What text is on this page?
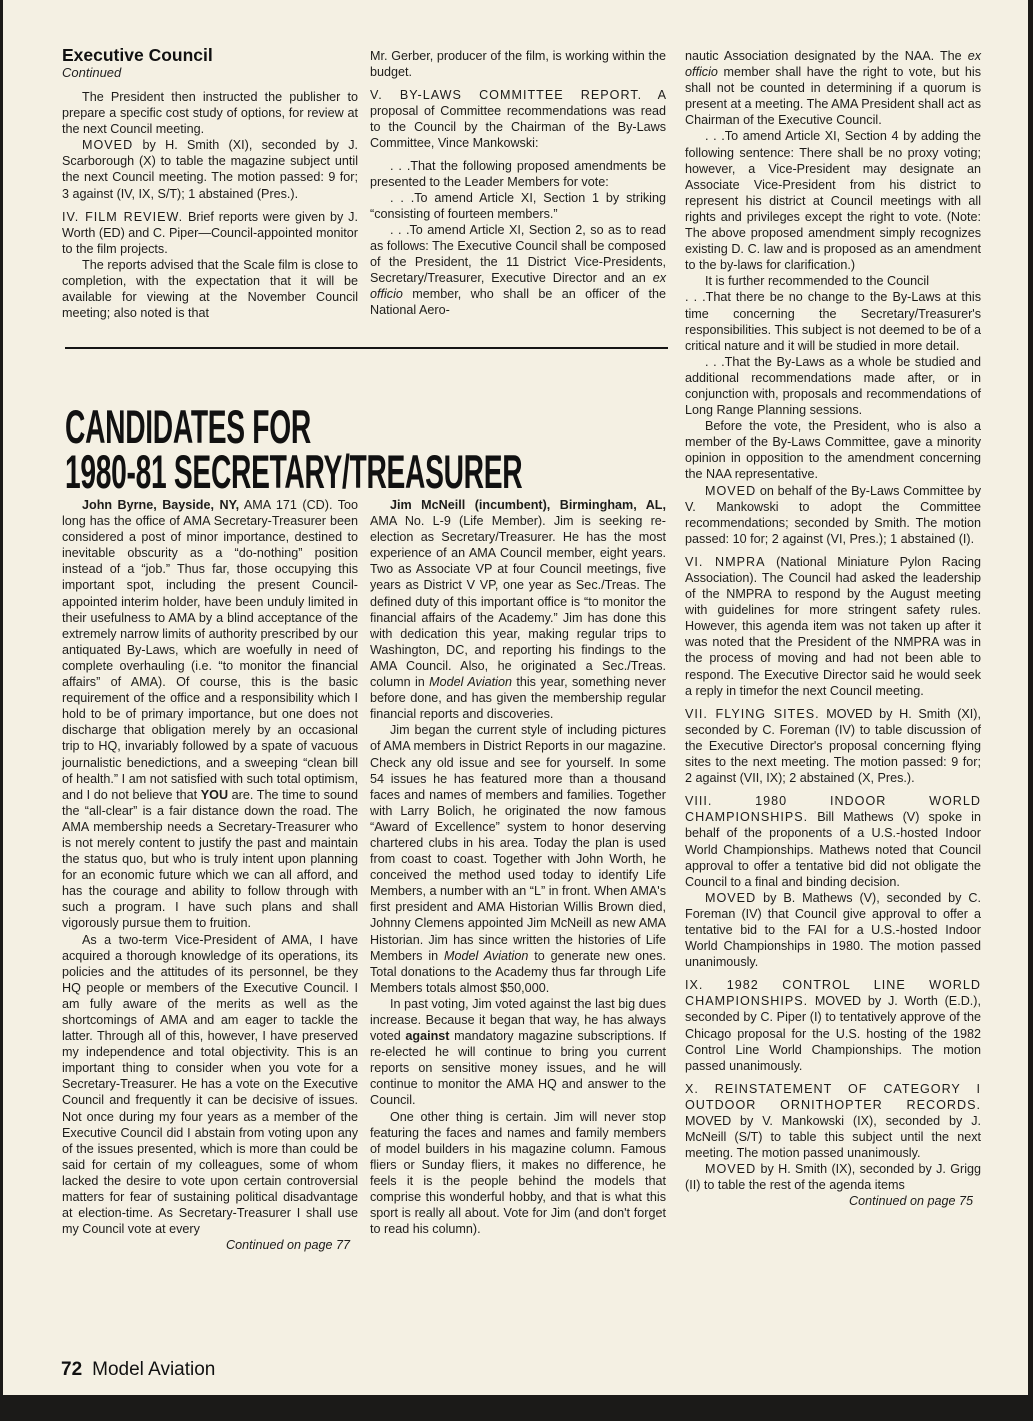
Executive Council
Continued

The President then instructed the publisher to prepare a specific cost study of options, for review at the next Council meeting.

MOVED by H. Smith (XI), seconded by J. Scarborough (X) to table the magazine subject until the next Council meeting. The motion passed: 9 for; 3 against (IV, IX, S/T); 1 abstained (Pres.).

IV. FILM REVIEW. Brief reports were given by J. Worth (ED) and C. Piper—Council-appointed monitor to the film projects.

The reports advised that the Scale film is close to completion, with the expectation that it will be available for viewing at the November Council meeting; also noted is that

Mr. Gerber, producer of the film, is working within the budget.

V. BY-LAWS COMMITTEE REPORT. A proposal of Committee recommendations was read to the Council by the Chairman of the By-Laws Committee, Vince Mankowski:

. . .That the following proposed amendments be presented to the Leader Members for vote:

. . .To amend Article XI, Section 1 by striking “consisting of fourteen members.”

. . .To amend Article XI, Section 2, so as to read as follows: The Executive Council shall be composed of the President, the 11 District Vice-Presidents, Secretary/Treasurer, Executive Director and an ex officio member, who shall be an officer of the National Aero-

nautic Association designated by the NAA. The ex officio member shall have the right to vote, but his shall not be counted in determining if a quorum is present at a meeting. The AMA President shall act as Chairman of the Executive Council.

. . .To amend Article XI, Section 4 by adding the following sentence: There shall be no proxy voting; however, a Vice-President may designate an Associate Vice-President from his district to represent his district at Council meetings with all rights and privileges except the right to vote. (Note: The above proposed amendment simply recognizes existing D. C. law and is proposed as an amendment to the by-laws for clarification.)

It is further recommended to the Council

. . .That there be no change to the By-Laws at this time concerning the Secretary/Treasurer's responsibilities. This subject is not deemed to be of a critical nature and it will be studied in more detail.

. . .That the By-Laws as a whole be studied and additional recommendations made after, or in conjunction with, proposals and recommendations of Long Range Planning sessions.

Before the vote, the President, who is also a member of the By-Laws Committee, gave a minority opinion in opposition to the amendment concerning the NAA representative.

MOVED on behalf of the By-Laws Committee by V. Mankowski to adopt the Committee recommendations; seconded by Smith. The motion passed: 10 for; 2 against (VI, Pres.); 1 abstained (I).

VI. NMPRA (National Miniature Pylon Racing Association). The Council had asked the leadership of the NMPRA to respond by the August meeting with guidelines for more stringent safety rules. However, this agenda item was not taken up after it was noted that the President of the NMPRA was in the process of moving and had not been able to respond. The Executive Director said he would seek a reply in timefor the next Council meeting.

VII. FLYING SITES. MOVED by H. Smith (XI), seconded by C. Foreman (IV) to table discussion of the Executive Director's proposal concerning flying sites to the next meeting. The motion passed: 9 for; 2 against (VII, IX); 2 abstained (X, Pres.).

VIII. 1980 INDOOR WORLD CHAMPIONSHIPS. Bill Mathews (V) spoke in behalf of the proponents of a U.S.-hosted Indoor World Championships. Mathews noted that Council approval to offer a tentative bid did not obligate the Council to a final and binding decision.

MOVED by B. Mathews (V), seconded by C. Foreman (IV) that Council give approval to offer a tentative bid to the FAI for a U.S.-hosted Indoor World Championships in 1980. The motion passed unanimously.

IX. 1982 CONTROL LINE WORLD CHAMPIONSHIPS. MOVED by J. Worth (E.D.), seconded by C. Piper (I) to tentatively approve of the Chicago proposal for the U.S. hosting of the 1982 Control Line World Championships. The motion passed unanimously.

X. REINSTATEMENT OF CATEGORY I OUTDOOR ORNITHOPTER RECORDS. MOVED by V. Mankowski (IX), seconded by J. McNeill (S/T) to table this subject until the next meeting. The motion passed unanimously.

MOVED by H. Smith (IX), seconded by J. Grigg (II) to table the rest of the agenda items

Continued on page 75

CANDIDATES FOR
1980-81 SECRETARY/TREASURER

John Byrne, Bayside, NY, AMA 171 (CD). Too long has the office of AMA Secretary-Treasurer been considered a post of minor importance, destined to inevitable obscurity as a “do-nothing” position instead of a “job.” Thus far, those occupying this important spot, including the present Council-appointed interim holder, have been unduly limited in their usefulness to AMA by a blind acceptance of the extremely narrow limits of authority prescribed by our antiquated By-Laws, which are woefully in need of complete overhauling (i.e. “to monitor the financial affairs” of AMA). Of course, this is the basic requirement of the office and a responsibility which I hold to be of primary importance, but one does not discharge that obligation merely by an occasional trip to HQ, invariably followed by a spate of vacuous journalistic benedictions, and a sweeping “clean bill of health.” I am not satisfied with such total optimism, and I do not believe that YOU are. The time to sound the “all-clear” is a fair distance down the road. The AMA membership needs a Secretary-Treasurer who is not merely content to justify the past and maintain the status quo, but who is truly intent upon planning for an economic future which we can all afford, and has the courage and ability to follow through with such a program. I have such plans and shall vigorously pursue them to fruition.

As a two-term Vice-President of AMA, I have acquired a thorough knowledge of its operations, its policies and the attitudes of its personnel, be they HQ people or members of the Executive Council. I am fully aware of the merits as well as the shortcomings of AMA and am eager to tackle the latter. Through all of this, however, I have preserved my independence and total objectivity. This is an important thing to consider when you vote for a Secretary-Treasurer. He has a vote on the Executive Council and frequently it can be decisive of issues. Not once during my four years as a member of the Executive Council did I abstain from voting upon any of the issues presented, which is more than could be said for certain of my colleagues, some of whom lacked the desire to vote upon certain controversial matters for fear of sustaining political disadvantage at election-time. As Secretary-Treasurer I shall use my Council vote at every

Continued on page 77

Jim McNeill (incumbent), Birmingham, AL, AMA No. L-9 (Life Member). Jim is seeking re-election as Secretary/Treasurer. He has the most experience of an AMA Council member, eight years. Two as Associate VP at four Council meetings, five years as District V VP, one year as Sec./Treas. The defined duty of this important office is “to monitor the financial affairs of the Academy.” Jim has done this with dedication this year, making regular trips to Washington, DC, and reporting his findings to the AMA Council. Also, he originated a Sec./Treas. column in Model Aviation this year, something never before done, and has given the membership regular financial reports and discoveries.

Jim began the current style of including pictures of AMA members in District Reports in our magazine. Check any old issue and see for yourself. In some 54 issues he has featured more than a thousand faces and names of members and families. Together with Larry Bolich, he originated the now famous “Award of Excellence” system to honor deserving chartered clubs in his area. Today the plan is used from coast to coast. Together with John Worth, he conceived the method used today to identify Life Members, a number with an “L” in front. When AMA's first president and AMA Historian Willis Brown died, Johnny Clemens appointed Jim McNeill as new AMA Historian. Jim has since written the histories of Life Members in Model Aviation to generate new ones. Total donations to the Academy thus far through Life Members totals almost $50,000.

In past voting, Jim voted against the last big dues increase. Because it began that way, he has always voted against mandatory magazine subscriptions. If re-elected he will continue to bring you current reports on sensitive money issues, and he will continue to monitor the AMA HQ and answer to the Council.

One other thing is certain. Jim will never stop featuring the faces and names and family members of model builders in his magazine column. Famous fliers or Sunday fliers, it makes no difference, he feels it is the people behind the models that comprise this wonderful hobby, and that is what this sport is really all about. Vote for Jim (and don't forget to read his column).

72 Model Aviation
